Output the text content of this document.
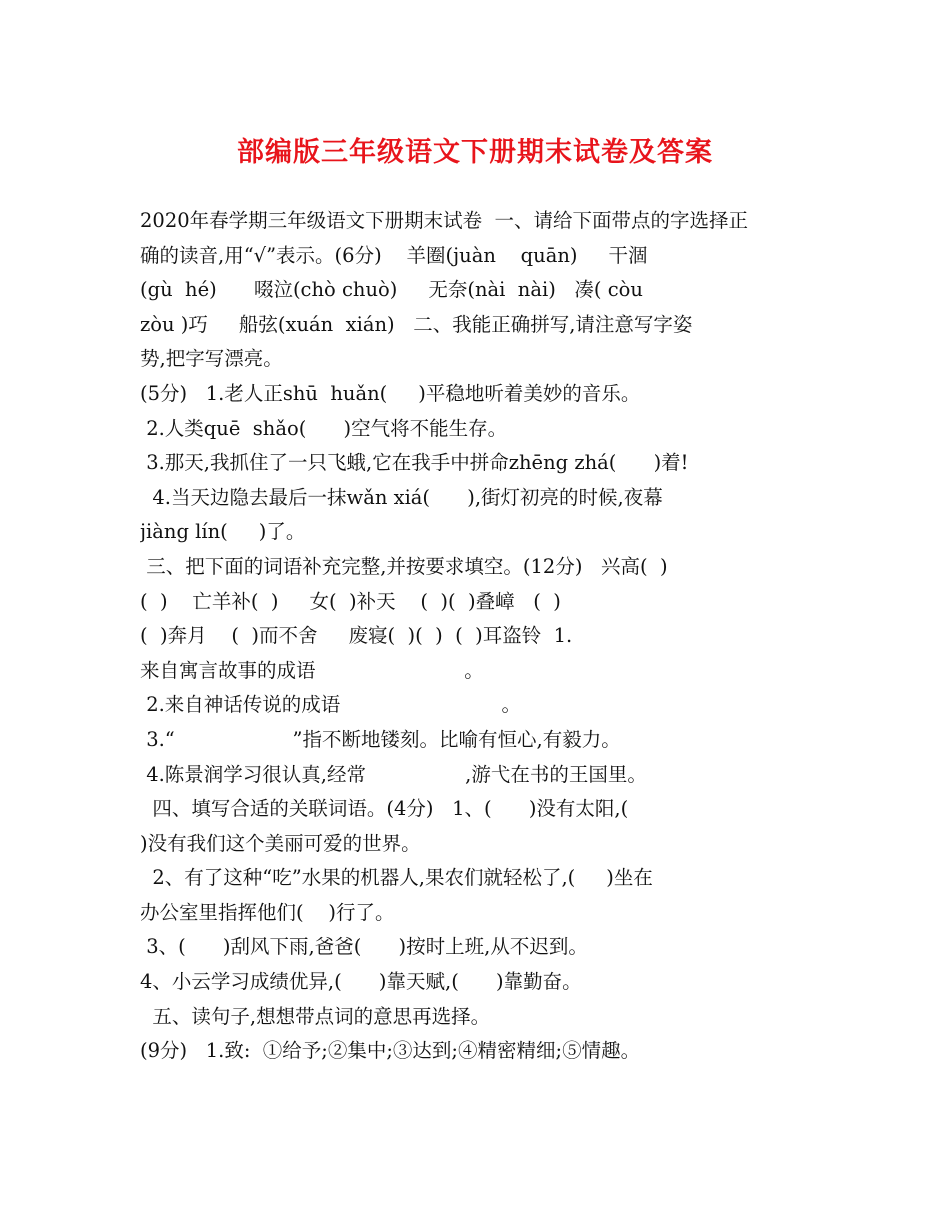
部编版三年级语文下册期末试卷及答案
2020年春学期三年级语文下册期末试卷  一、请给下面带点的字选择正
确的读音,用“√”表示。(6分)    羊圈(juàn    quān)     干涸
(gù  hé)      啜泣(chò chuò)     无奈(nài  nài)   凑( còu
zòu )巧     船弦(xuán  xián)   二、我能正确拼写,请注意写字姿
势,把字写漂亮。
(5分)   1.老人正shū  huǎn(     )平稳地听着美妙的音乐。
2.人类quē  shǎo(      )空气将不能生存。
3.那天,我抓住了一只飞蛾,它在我手中拼命zhēng zhá(      )着!
4.当天边隐去最后一抹wǎn xiá(      ),街灯初亮的时候,夜幕
jiàng lín(     )了。
三、把下面的词语补充完整,并按要求填空。(12分)   兴高(  )
(  )    亡羊补(  )     女(  )补天    (  )(  )叠嶂   (  )
(  )奔月    (  )而不舍     废寝(  )(  )  (  )耳盗铃  1.
来自寓言故事的成语                        。
2.来自神话传说的成语                          。
3.“                   ”指不断地镂刻。比喻有恒心,有毅力。
4.陈景润学习很认真,经常                ,游弋在书的王国里。
四、填写合适的关联词语。(4分)   1、(      )没有太阳,(
)没有我们这个美丽可爱的世界。
2、有了这种“吃”水果的机器人,果农们就轻松了,(     )坐在
办公室里指挥他们(    )行了。
3、(      )刮风下雨,爸爸(      )按时上班,从不迟到。
4、小云学习成绩优异,(      )靠天赋,(      )靠勤奋。
五、读句子,想想带点词的意思再选择。
(9分)   1.致:  ①给予;②集中;③达到;④精密精细;⑤情趣。
